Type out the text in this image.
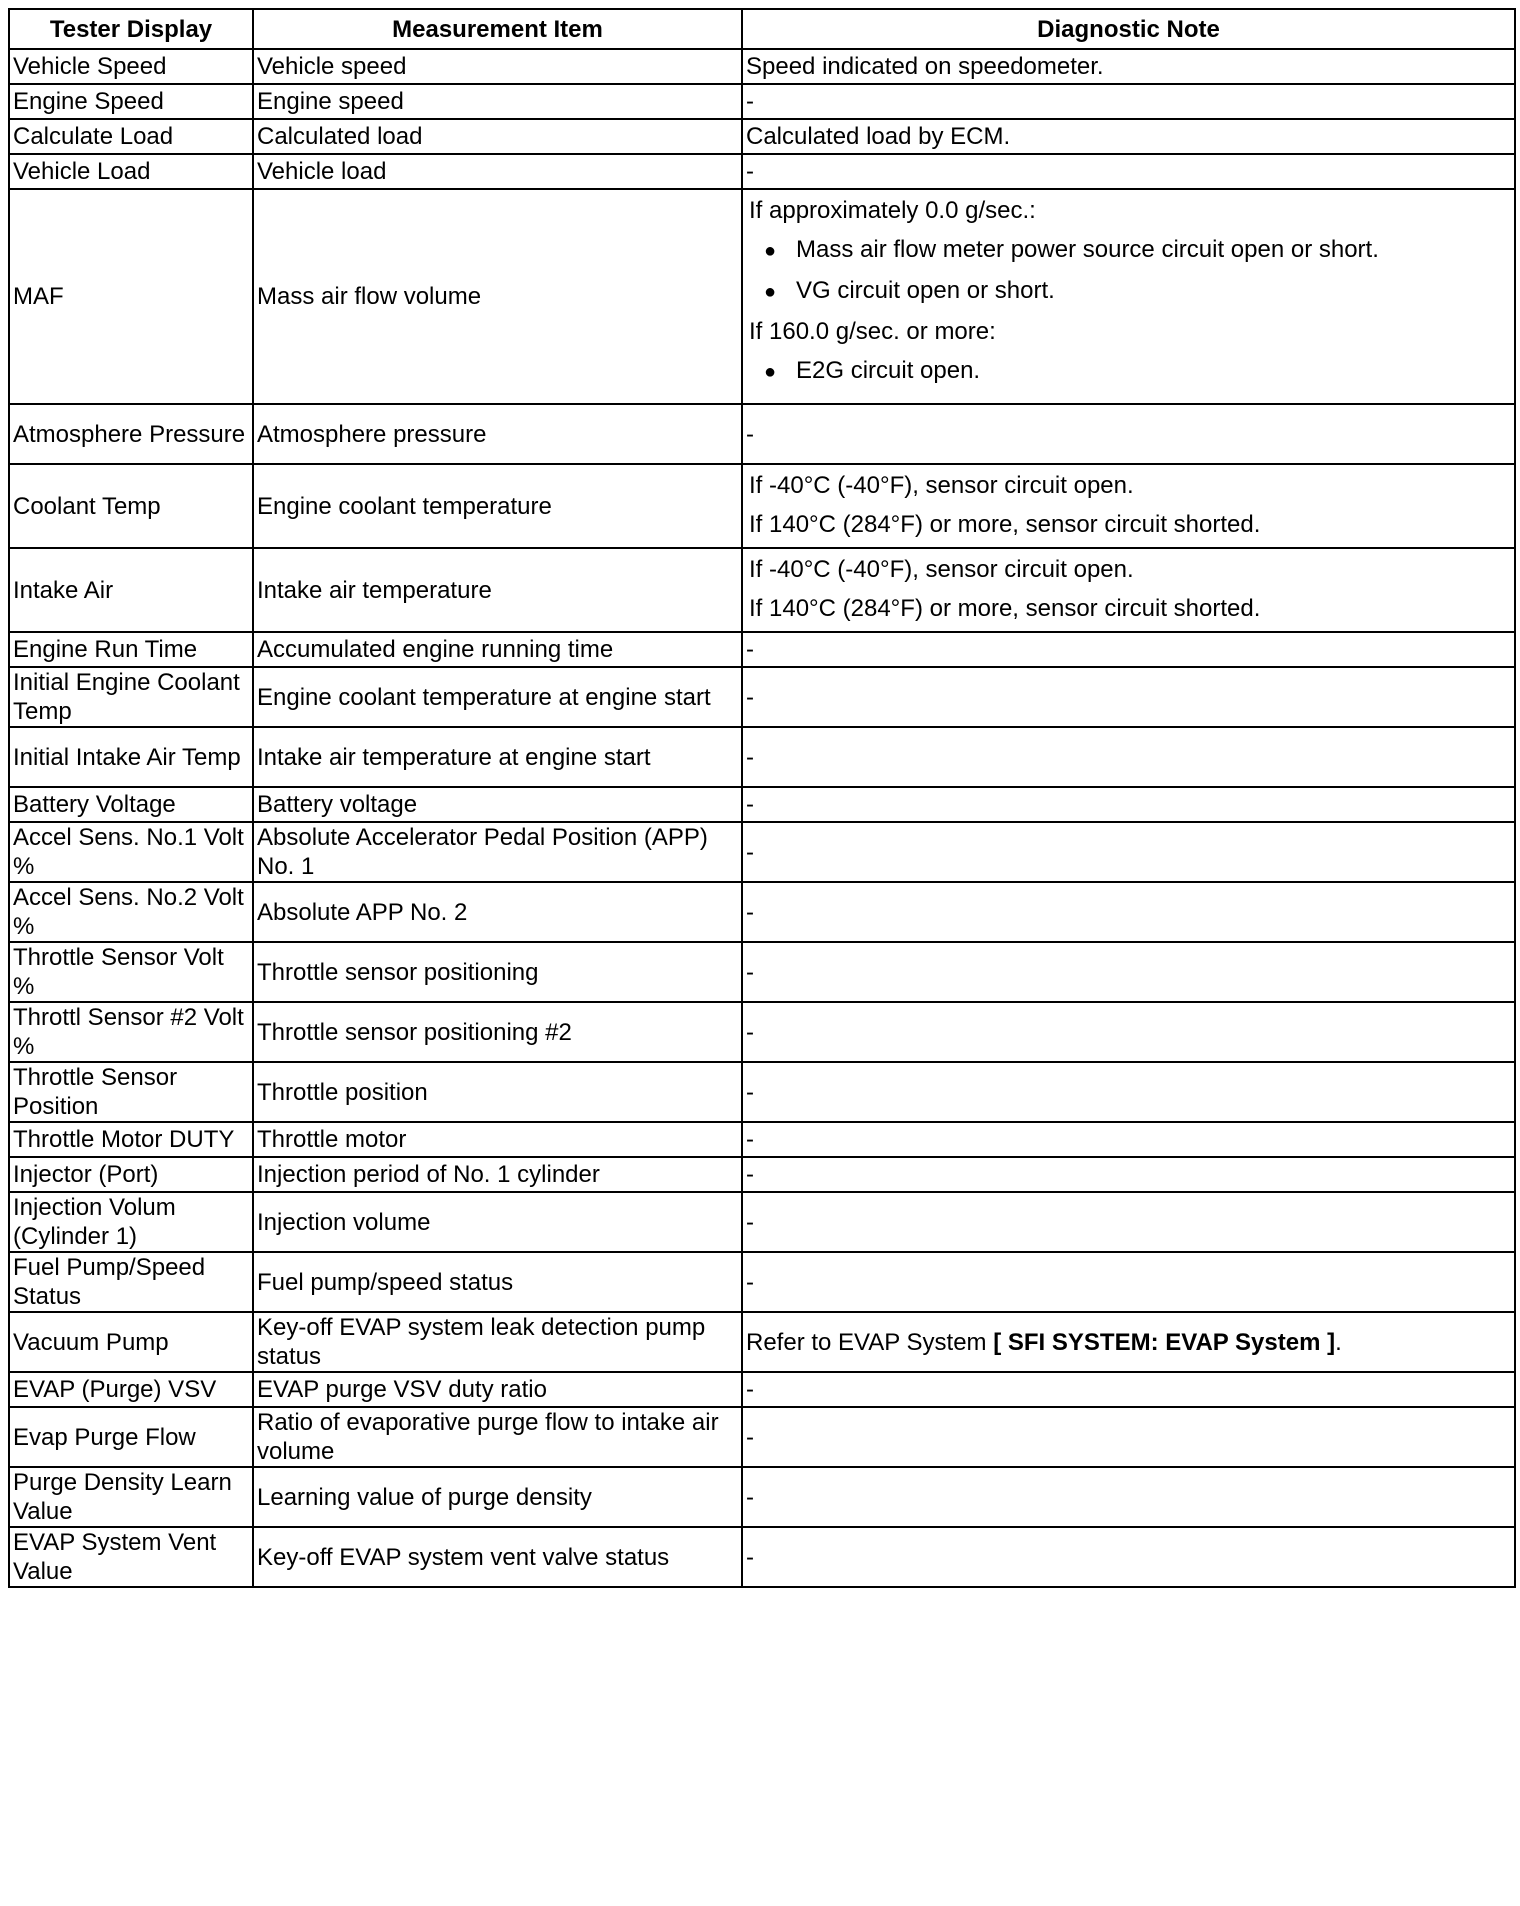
Tester Display	Measurement Item	Diagnostic Note
Vehicle Speed	Vehicle speed	Speed indicated on speedometer.
Engine Speed	Engine speed	-
Calculate Load	Calculated load	Calculated load by ECM.
Vehicle Load	Vehicle load	-
MAF	Mass air flow volume	If approximately 0.0 g/sec.:
● Mass air flow meter power source circuit open or short.
● VG circuit open or short.
If 160.0 g/sec. or more:
● E2G circuit open.

Atmosphere Pressure	Atmosphere pressure	-
Coolant Temp	Engine coolant temperature	If -40°C (-40°F), sensor circuit open.
If 140°C (284°F) or more, sensor circuit shorted.

Intake Air	Intake air temperature	If -40°C (-40°F), sensor circuit open.
If 140°C (284°F) or more, sensor circuit shorted.

Engine Run Time	Accumulated engine running time	-
Initial Engine Coolant Temp	Engine coolant temperature at engine start	-
Initial Intake Air Temp	Intake air temperature at engine start	-
Battery Voltage	Battery voltage	-
Accel Sens. No.1 Volt %	Absolute Accelerator Pedal Position (APP) No. 1	-
Accel Sens. No.2 Volt %	Absolute APP No. 2	-
Throttle Sensor Volt %	Throttle sensor positioning	-
Throttl Sensor #2 Volt %	Throttle sensor positioning #2	-
Throttle Sensor Position	Throttle position	-
Throttle Motor DUTY	Throttle motor	-
Injector (Port)	Injection period of No. 1 cylinder	-
Injection Volum (Cylinder 1)	Injection volume	-
Fuel Pump/Speed Status	Fuel pump/speed status	-
Vacuum Pump	Key-off EVAP system leak detection pump status	Refer to EVAP System [ SFI SYSTEM: EVAP System ].
EVAP (Purge) VSV	EVAP purge VSV duty ratio	-
Evap Purge Flow	Ratio of evaporative purge flow to intake air volume	-
Purge Density Learn Value	Learning value of purge density	-
EVAP System Vent Value	Key-off EVAP system vent valve status	-
